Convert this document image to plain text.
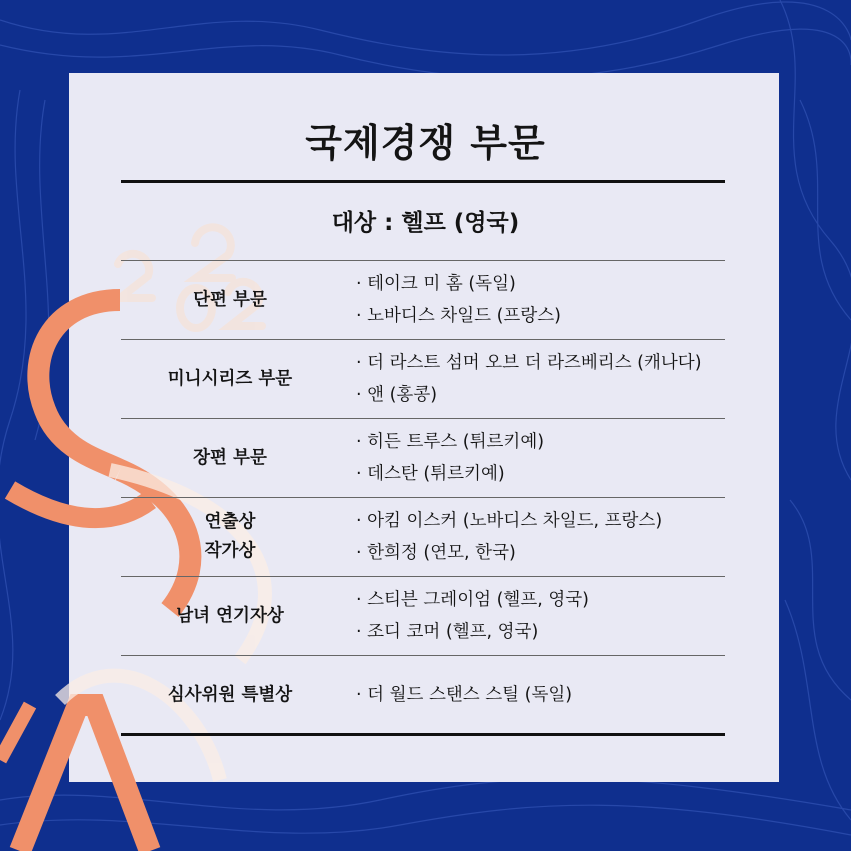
국제경쟁 부문
대상 : 헬프 (영국)
단편 부문
· 테이크 미 홈 (독일)
· 노바디스 차일드 (프랑스)
미니시리즈 부문
· 더 라스트 섬머 오브 더 라즈베리스 (캐나다)
· 앤 (홍콩)
장편 부문
· 히든 트루스 (튀르키예)
· 데스탄 (튀르키예)
연출상
작가상
· 아킴 이스커 (노바디스 차일드, 프랑스)
· 한희정 (연모, 한국)
남녀 연기자상
· 스티븐 그레이엄 (헬프, 영국)
· 조디 코머 (헬프, 영국)
심사위원 특별상	· 더 월드 스탠스 스틸 (독일)
